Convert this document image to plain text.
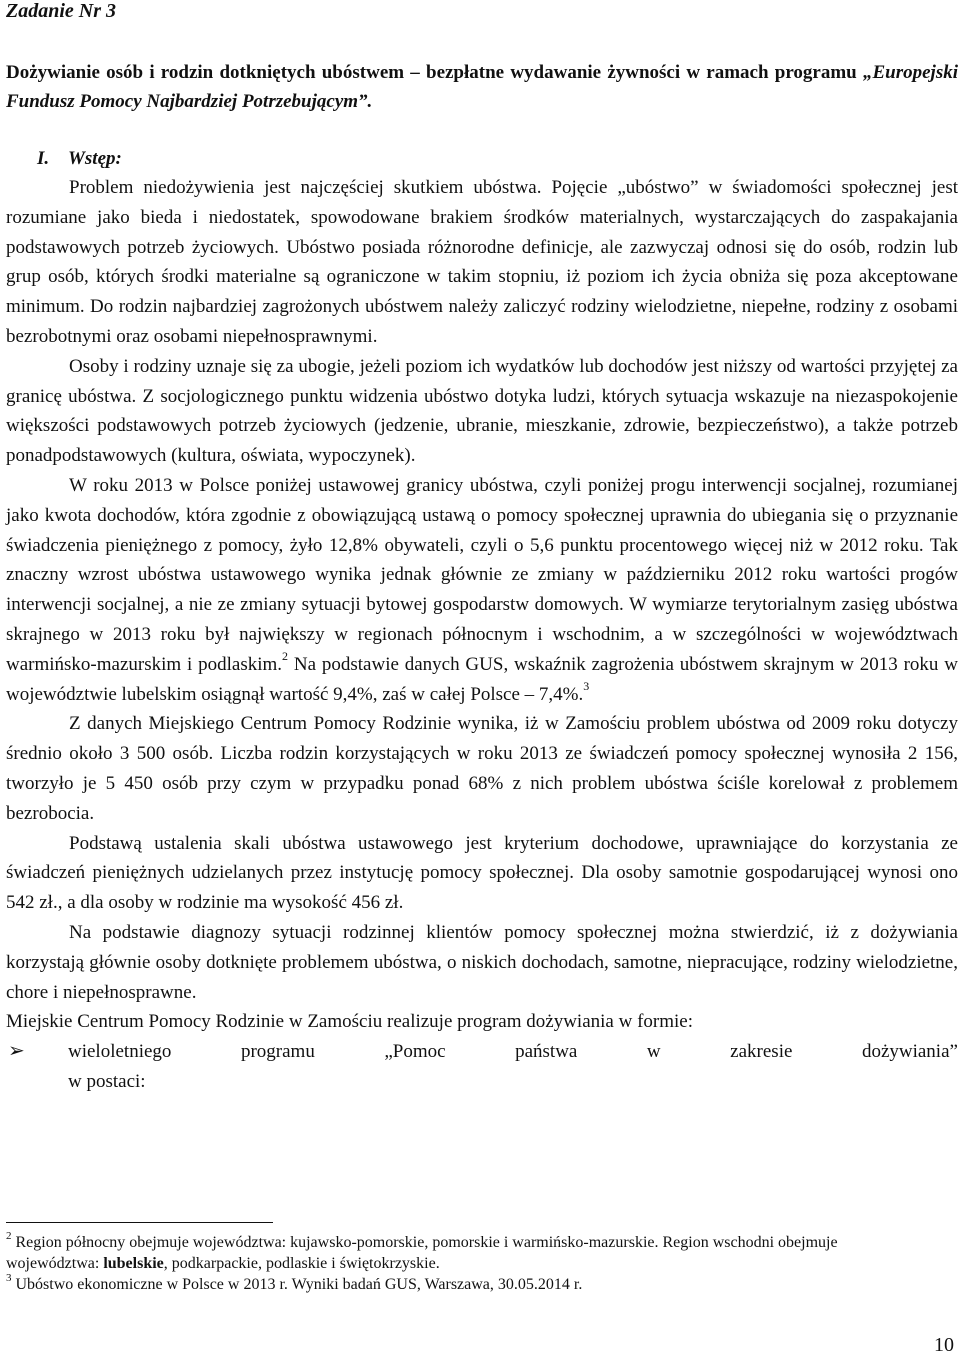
Zadanie Nr 3
Dożywianie osób i rodzin dotkniętych ubóstwem – bezpłatne wydawanie żywności w ramach programu „Europejski Fundusz Pomocy Najbardziej Potrzebującym”.
I. Wstęp:

Problem niedożywienia jest najczęściej skutkiem ubóstwa. Pojęcie „ubóstwo” w świadomości społecznej jest rozumiane jako bieda i niedostatek, spowodowane brakiem środków materialnych, wystarczających do zaspakajania podstawowych potrzeb życiowych. Ubóstwo posiada różnorodne definicje, ale zazwyczaj odnosi się do osób, rodzin lub grup osób, których środki materialne są ograniczone w takim stopniu, iż poziom ich życia obniża się poza akceptowane minimum. Do rodzin najbardziej zagrożonych ubóstwem należy zaliczyć rodziny wielodzietne, niepełne, rodziny z osobami bezrobotnymi oraz osobami niepełnosprawnymi.

Osoby i rodziny uznaje się za ubogie, jeżeli poziom ich wydatków lub dochodów jest niższy od wartości przyjętej za granicę ubóstwa. Z socjologicznego punktu widzenia ubóstwo dotyka ludzi, których sytuacja wskazuje na niezaspokojenie większości podstawowych potrzeb życiowych (jedzenie, ubranie, mieszkanie, zdrowie, bezpieczeństwo), a także potrzeb ponadpodstawowych (kultura, oświata, wypoczynek).

W roku 2013 w Polsce poniżej ustawowej granicy ubóstwa, czyli poniżej progu interwencji socjalnej, rozumianej jako kwota dochodów, która zgodnie z obowiązującą ustawą o pomocy społecznej uprawnia do ubiegania się o przyznanie świadczenia pieniężnego z pomocy, żyło 12,8% obywateli, czyli o 5,6 punktu procentowego więcej niż w 2012 roku. Tak znaczny wzrost ubóstwa ustawowego wynika jednak głównie ze zmiany w październiku 2012 roku wartości progów interwencji socjalnej, a nie ze zmiany sytuacji bytowej gospodarstw domowych. W wymiarze terytorialnym zasięg ubóstwa skrajnego w 2013 roku był największy w regionach północnym i wschodnim, a w szczególności w województwach warmińsko-mazurskim i podlaskim.$^2$ Na podstawie danych GUS, wskaźnik zagrożenia ubóstwem skrajnym w 2013 roku w województwie lubelskim osiągnął wartość 9,4%, zaś w całej Polsce – 7,4%.$^3$

Z danych Miejskiego Centrum Pomocy Rodzinie wynika, iż w Zamościu problem ubóstwa od 2009 roku dotyczy średnio około 3 500 osób. Liczba rodzin korzystających w roku 2013 ze świadczeń pomocy społecznej wynosiła 2 156, tworzyło je 5 450 osób przy czym w przypadku ponad 68% z nich problem ubóstwa ściśle korelował z problemem bezrobocia.

Podstawą ustalenia skali ubóstwa ustawowego jest kryterium dochodowe, uprawniające do korzystania ze świadczeń pieniężnych udzielanych przez instytucję pomocy społecznej. Dla osoby samotnie gospodarującej wynosi ono 542 zł., a dla osoby w rodzinie ma wysokość 456 zł.

Na podstawie diagnozy sytuacji rodzinnej klientów pomocy społecznej można stwierdzić, iż z dożywiania korzystają głównie osoby dotknięte problemem ubóstwa, o niskich dochodach, samotne, niepracujące, rodziny wielodzietne, chore i niepełnosprawne.

Miejskie Centrum Pomocy Rodzinie w Zamościu realizuje program dożywiania w formie:

➢	wieloletniego	programu	„Pomoc	państwa	w	zakresie	dożywiania”
w postaci:

$^2$ Region północny obejmuje województwa: kujawsko-pomorskie, pomorskie i warmińsko-mazurskie. Region wschodni obejmuje województwa: lubelskie, podkarpackie, podlaskie i świętokrzyskie.

$^3$ Ubóstwo ekonomiczne w Polsce w 2013 r. Wyniki badań GUS, Warszawa, 30.05.2014 r.

10
